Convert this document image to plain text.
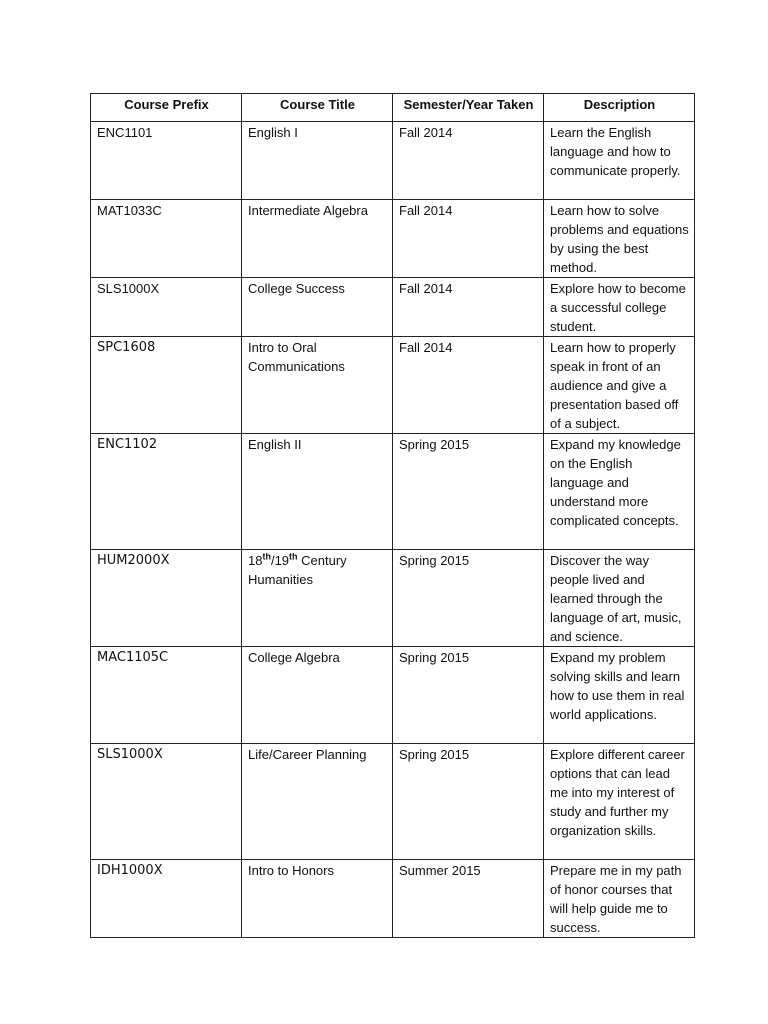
Course Prefix	Course Title	Semester/Year Taken	Description
ENC1101	English I	Fall 2014	Learn the English language and how to communicate properly.
MAT1033C	Intermediate Algebra	Fall 2014	Learn how to solve problems and equations by using the best method.
SLS1000X	College Success	Fall 2014	Explore how to become a successful college student.
SPC1608	Intro to Oral Communications	Fall 2014	Learn how to properly speak in front of an audience and give a presentation based off of a subject.
ENC1102	English II	Spring 2015	Expand my knowledge on the English language and understand more complicated concepts.
HUM2000X	18th/19th Century Humanities	Spring 2015	Discover the way people lived and learned through the language of art, music, and science.
MAC1105C	College Algebra	Spring 2015	Expand my problem solving skills and learn how to use them in real world applications.
SLS1000X	Life/Career Planning	Spring 2015	Explore different career options that can lead me into my interest of study and further my organization skills.
IDH1000X	Intro to Honors	Summer 2015	Prepare me in my path of honor courses that will help guide me to success.
